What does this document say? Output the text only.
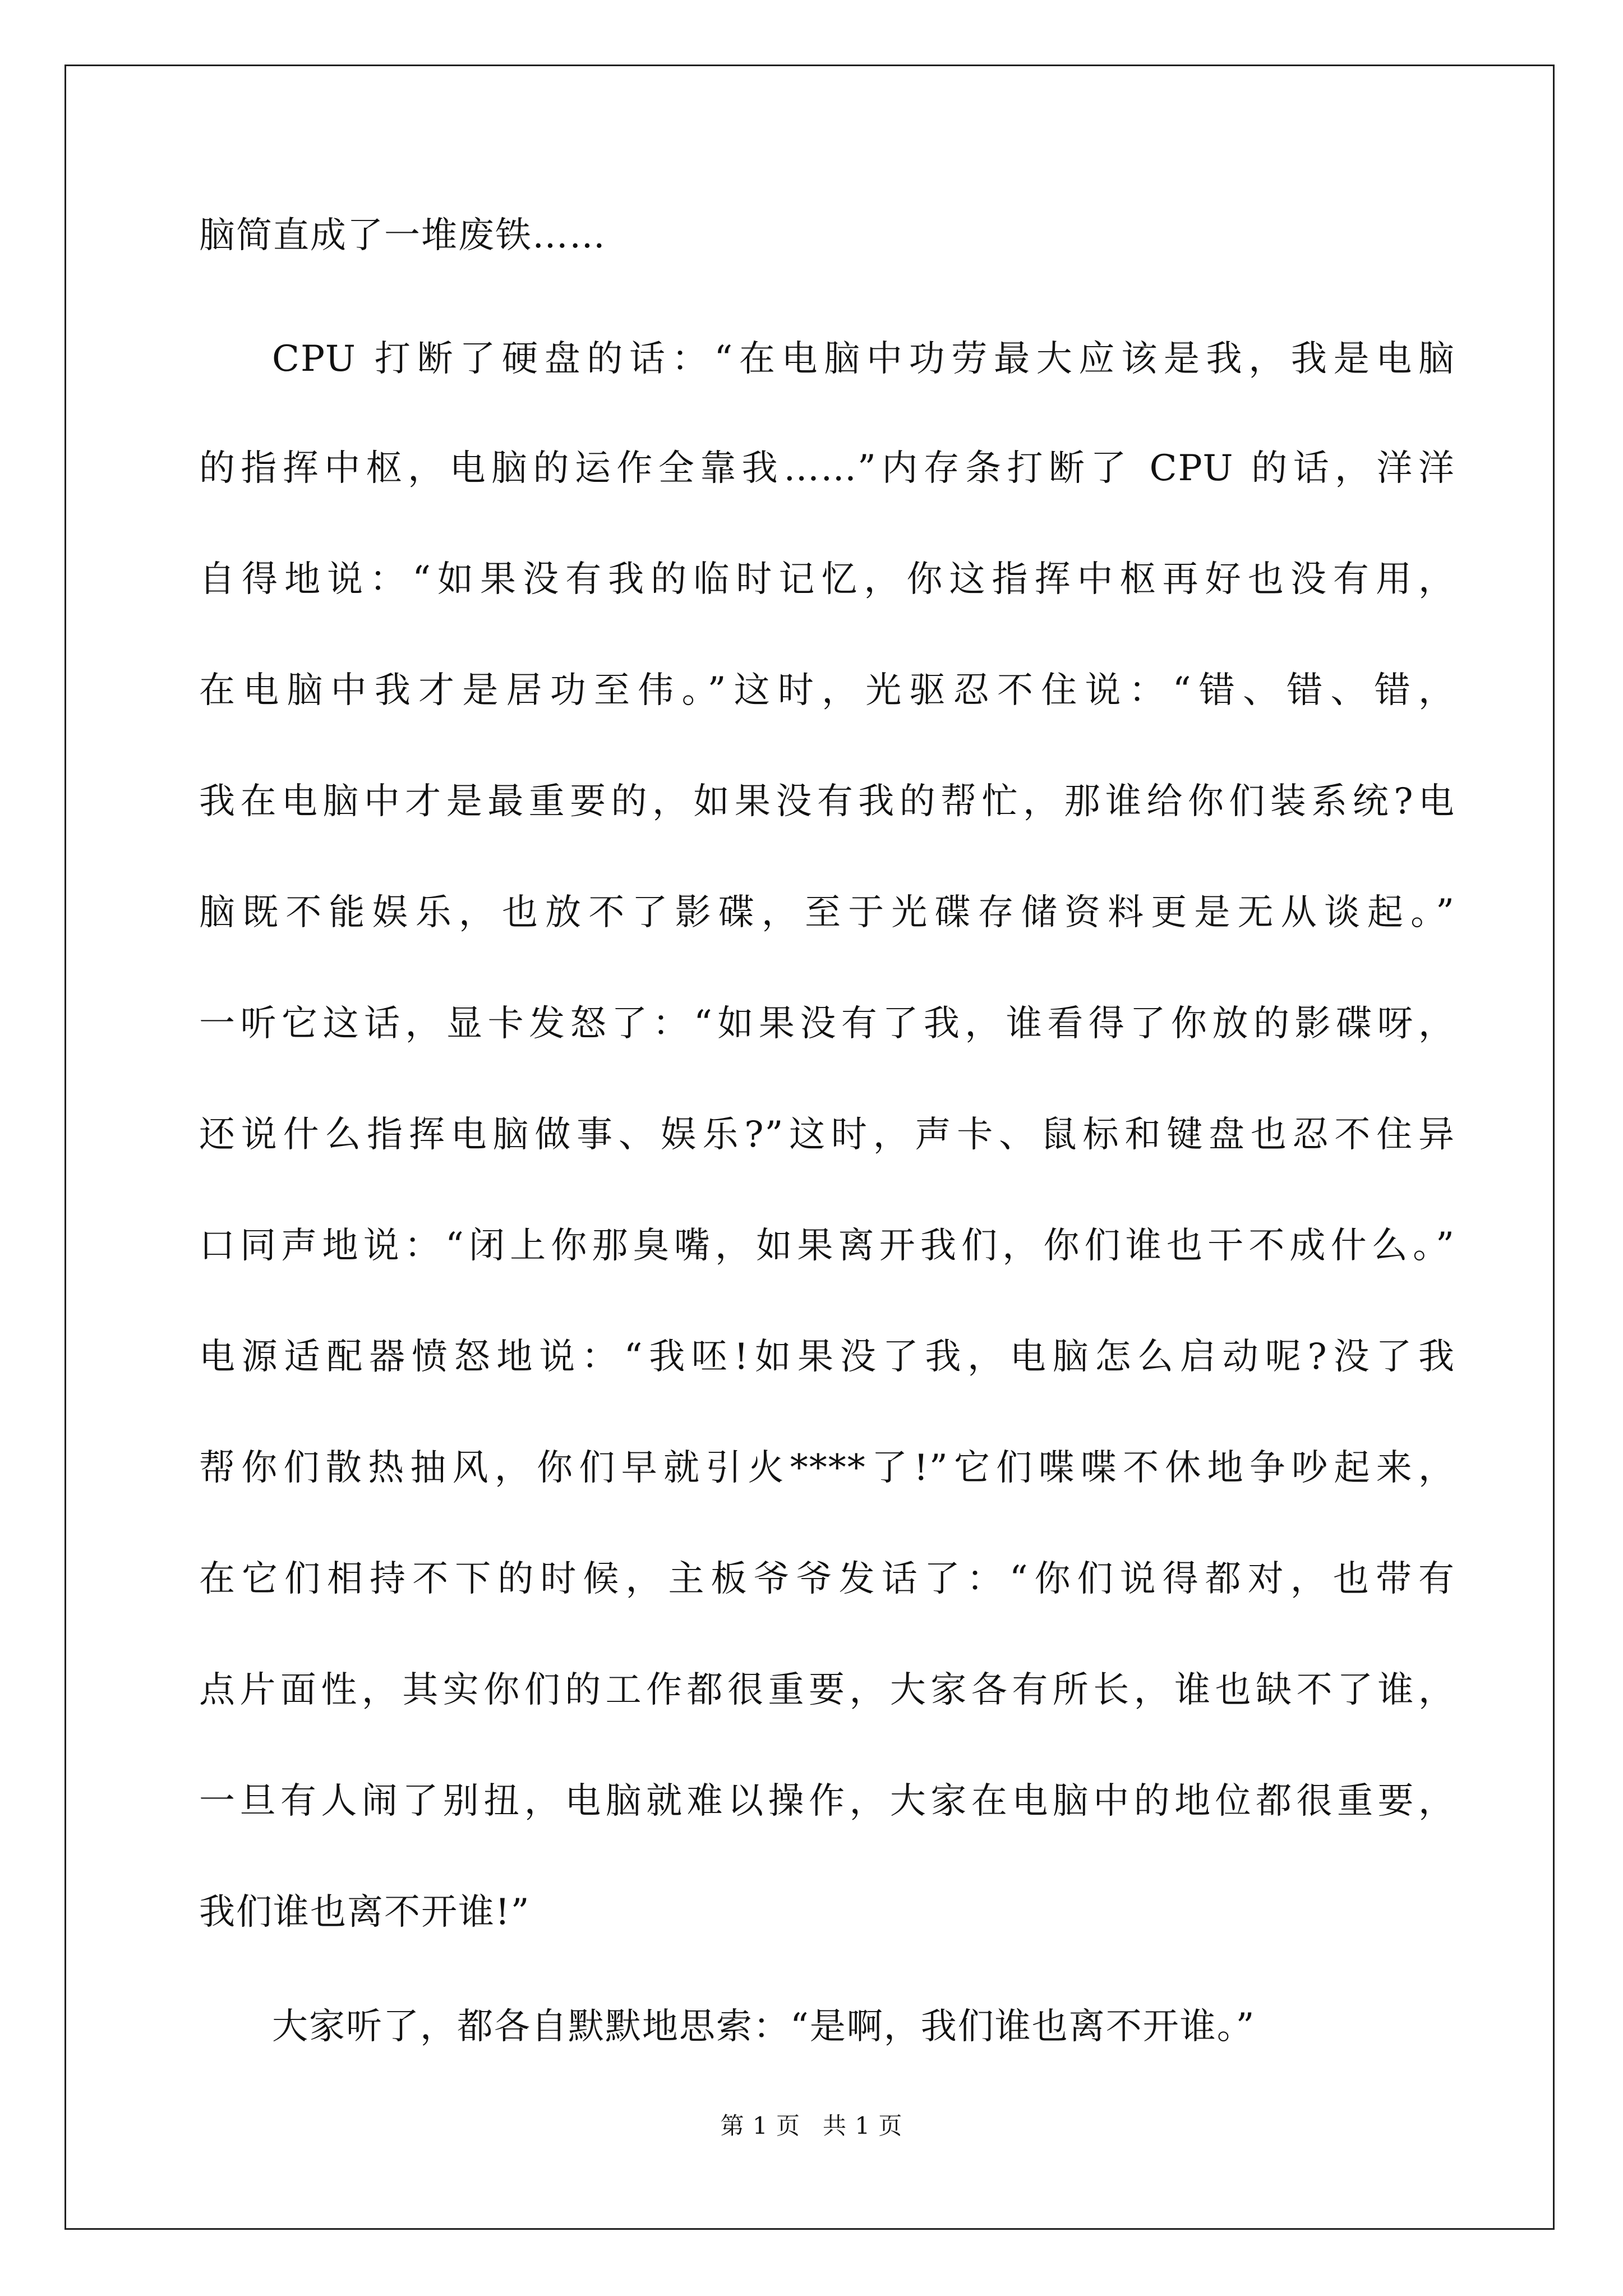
脑简直成了一堆废铁……
CPU 打断了硬盘的话：“在电脑中功劳最大应该是我，我是电脑
的指挥中枢，电脑的运作全靠我……”内存条打断了 CPU 的话，洋洋
自得地说：“如果没有我的临时记忆，你这指挥中枢再好也没有用，
在电脑中我才是居功至伟。”这时，光驱忍不住说：“错、错、错，
我在电脑中才是最重要的，如果没有我的帮忙，那谁给你们装系统?电
脑既不能娱乐，也放不了影碟，至于光碟存储资料更是无从谈起。”
一听它这话，显卡发怒了：“如果没有了我，谁看得了你放的影碟呀，
还说什么指挥电脑做事、娱乐?”这时，声卡、鼠标和键盘也忍不住异
口同声地说：“闭上你那臭嘴，如果离开我们，你们谁也干不成什么。”
电源适配器愤怒地说：“我呸!如果没了我，电脑怎么启动呢?没了我
帮你们散热抽风，你们早就引火****了!”它们喋喋不休地争吵起来，
在它们相持不下的时候，主板爷爷发话了：“你们说得都对，也带有
点片面性，其实你们的工作都很重要，大家各有所长，谁也缺不了谁，
一旦有人闹了别扭，电脑就难以操作，大家在电脑中的地位都很重要，
我们谁也离不开谁!”
大家听了，都各自默默地思索：“是啊，我们谁也离不开谁。”
第 1 页 共 1 页
